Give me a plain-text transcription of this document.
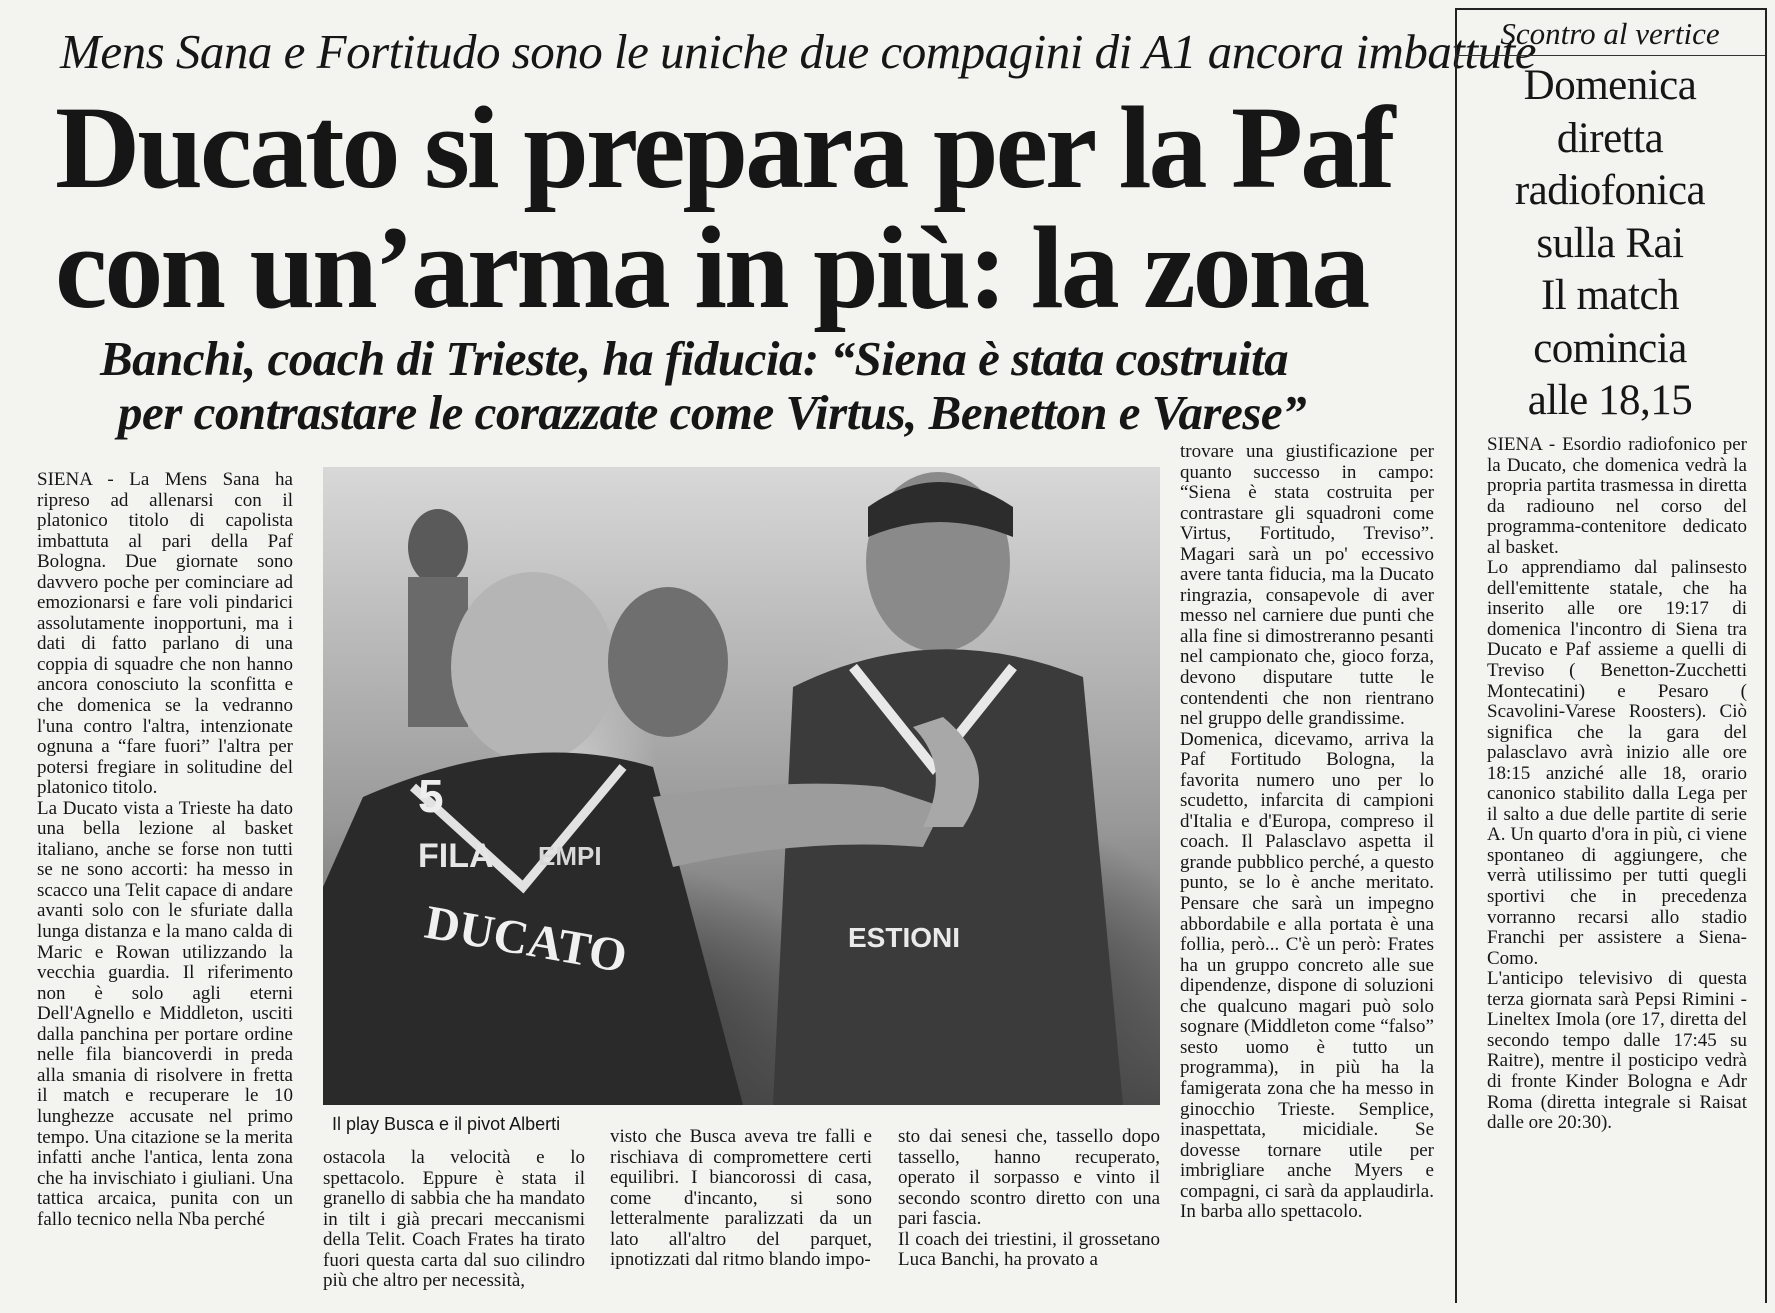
Mens Sana e Fortitudo sono le uniche due compagini di A1 ancora imbattute
Ducato si prepara per la Paf
con un’arma in più: la zona
Banchi, coach di Trieste, ha fiducia: “Siena è stata costruita
per contrastare le corazzate come Virtus, Benetton e Varese”
SIENA - La Mens Sana ha ripreso ad allenarsi con il platonico titolo di capolista imbattuta al pari della Paf Bologna. Due giornate sono davvero poche per cominciare ad emozionarsi e fare voli pindarici assolutamente inopportuni, ma i dati di fatto parlano di una coppia di squadre che non hanno ancora conosciuto la sconfitta e che domenica se la vedranno l'una contro l'altra, intenzionate ognuna a “fare fuori” l'altra per potersi fregiare in solitudine del platonico titolo.
La Ducato vista a Trieste ha dato una bella lezione al basket italiano, anche se forse non tutti se ne sono accorti: ha messo in scacco una Telit capace di andare avanti solo con le sfuriate dalla lunga distanza e la mano calda di Maric e Rowan utilizzando la vecchia guardia. Il riferimento non è solo agli eterni Dell'Agnello e Middleton, usciti dalla panchina per portare ordine nelle fila biancoverdi in preda alla smania di risolvere in fretta il match e recuperare le 10 lunghezze accusate nel primo tempo. Una citazione se la merita infatti anche l'antica, lenta zona che ha invischiato i giuliani. Una tattica arcaica, punita con un fallo tecnico nella Nba perché
5
FILA EMPI
DUCATO	ESTIONI
Il play Busca e il pivot Alberti
ostacola la velocità e lo spettacolo. Eppure è stata il granello di sabbia che ha mandato in tilt i già precari meccanismi della Telit. Coach Frates ha tirato fuori questa carta dal suo cilindro più che altro per necessità,
visto che Busca aveva tre falli e rischiava di compromettere certi equilibri. I biancorossi di casa, come d'incanto, si sono letteralmente paralizzati da un lato all'altro del parquet, ipnotizzati dal ritmo blando impo-
sto dai senesi che, tassello dopo tassello, hanno recuperato, operato il sorpasso e vinto il secondo scontro diretto con una pari fascia.
Il coach dei triestini, il grossetano Luca Banchi, ha provato a
trovare una giustificazione per quanto successo in campo: “Siena è stata costruita per contrastare gli squadroni come Virtus, Fortitudo, Treviso”. Magari sarà un po' eccessivo avere tanta fiducia, ma la Ducato ringrazia, consapevole di aver messo nel carniere due punti che alla fine si dimostreranno pesanti nel campionato che, gioco forza, devono disputare tutte le contendenti che non rientrano nel gruppo delle grandissime.
Domenica, dicevamo, arriva la Paf Fortitudo Bologna, la favorita numero uno per lo scudetto, infarcita di campioni d'Italia e d'Europa, compreso il coach. Il Palasclavo aspetta il grande pubblico perché, a questo punto, se lo è anche meritato. Pensare che sarà un impegno abbordabile e alla portata è una follia, però... C'è un però: Frates ha un gruppo concreto alle sue dipendenze, dispone di soluzioni che qualcuno magari può solo sognare (Middleton come “falso” sesto uomo è tutto un programma), in più ha la famigerata zona che ha messo in ginocchio Trieste. Semplice, inaspettata, micidiale. Se dovesse tornare utile per imbrigliare anche Myers e compagni, ci sarà da applaudirla. In barba allo spettacolo.
Scontro al vertice
Domenica
diretta
radiofonica
sulla Rai
Il match
comincia
alle 18,15
SIENA - Esordio radiofonico per la Ducato, che domenica vedrà la propria partita trasmessa in diretta da radiouno nel corso del programma-contenitore dedicato al basket.
Lo apprendiamo dal palinsesto dell'emittente statale, che ha inserito alle ore 19:17 di domenica l'incontro di Siena tra Ducato e Paf assieme a quelli di Treviso ( Benetton-Zucchetti Montecatini) e Pesaro ( Scavolini-Varese Roosters). Ciò significa che la gara del palasclavo avrà inizio alle ore 18:15 anziché alle 18, orario canonico stabilito dalla Lega per il salto a due delle partite di serie A. Un quarto d'ora in più, ci viene spontaneo di aggiungere, che verrà utilissimo per tutti quegli sportivi che in precedenza vorranno recarsi allo stadio Franchi per assistere a Siena-Como.
L'anticipo televisivo di questa terza giornata sarà Pepsi Rimini -Lineltex Imola (ore 17, diretta del secondo tempo dalle 17:45 su Raitre), mentre il posticipo vedrà di fronte Kinder Bologna e Adr Roma (diretta integrale si Raisat dalle ore 20:30).
